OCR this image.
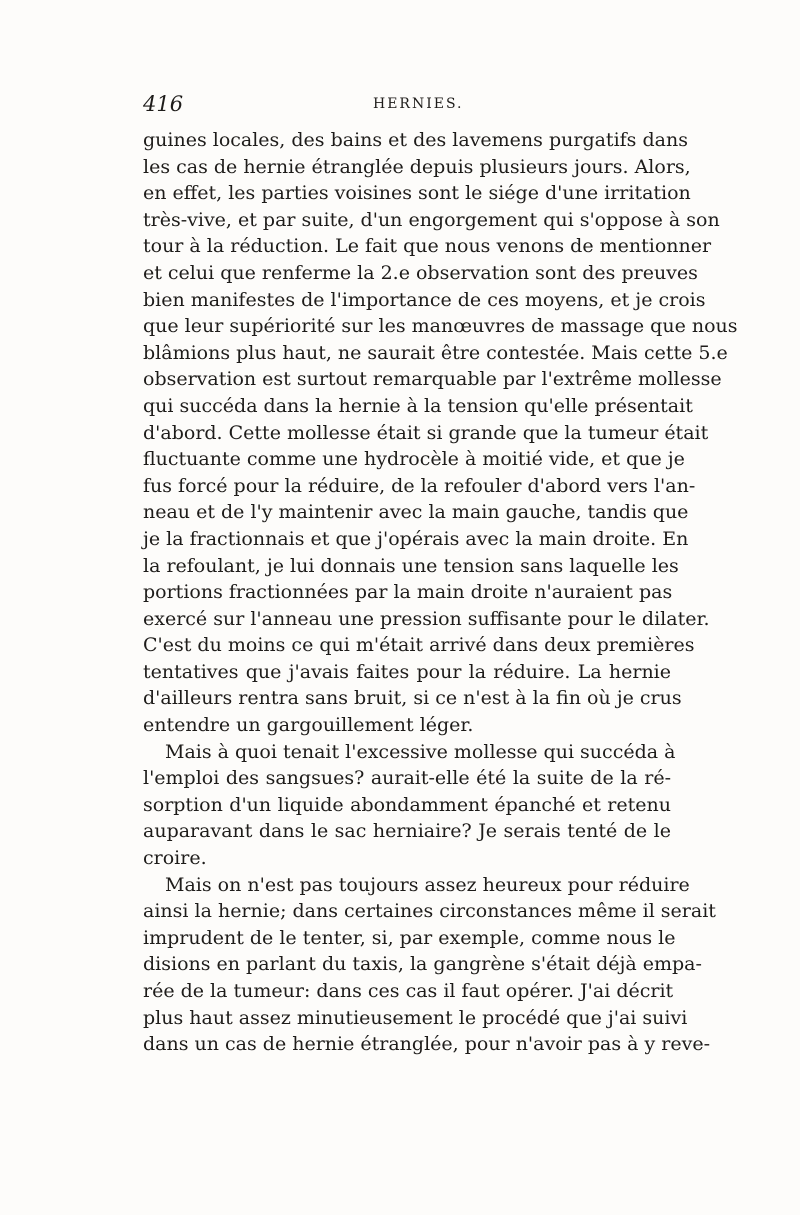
416	HERNIES.
guines locales, des bains et des lavemens purgatifs dans
les cas de hernie étranglée depuis plusieurs jours. Alors,
en effet, les parties voisines sont le siége d'une irritation
très-vive, et par suite, d'un engorgement qui s'oppose à son
tour à la réduction. Le fait que nous venons de mentionner
et celui que renferme la 2.e observation sont des preuves
bien manifestes de l'importance de ces moyens, et je crois
que leur supériorité sur les manœuvres de massage que nous
blâmions plus haut, ne saurait être contestée. Mais cette 5.e
observation est surtout remarquable par l'extrême mollesse
qui succéda dans la hernie à la tension qu'elle présentait
d'abord. Cette mollesse était si grande que la tumeur était
fluctuante comme une hydrocèle à moitié vide, et que je
fus forcé pour la réduire, de la refouler d'abord vers l'an-
neau et de l'y maintenir avec la main gauche, tandis que
je la fractionnais et que j'opérais avec la main droite. En
la refoulant, je lui donnais une tension sans laquelle les
portions fractionnées par la main droite n'auraient pas
exercé sur l'anneau une pression suffisante pour le dilater.
C'est du moins ce qui m'était arrivé dans deux premières
tentatives que j'avais faites pour la réduire. La hernie
d'ailleurs rentra sans bruit, si ce n'est à la fin où je crus
entendre un gargouillement léger.
Mais à quoi tenait l'excessive mollesse qui succéda à
l'emploi des sangsues? aurait-elle été la suite de la ré-
sorption d'un liquide abondamment épanché et retenu
auparavant dans le sac herniaire? Je serais tenté de le
croire.
Mais on n'est pas toujours assez heureux pour réduire
ainsi la hernie; dans certaines circonstances même il serait
imprudent de le tenter, si, par exemple, comme nous le
disions en parlant du taxis, la gangrène s'était déjà empa-
rée de la tumeur: dans ces cas il faut opérer. J'ai décrit
plus haut assez minutieusement le procédé que j'ai suivi
dans un cas de hernie étranglée, pour n'avoir pas à y reve-
